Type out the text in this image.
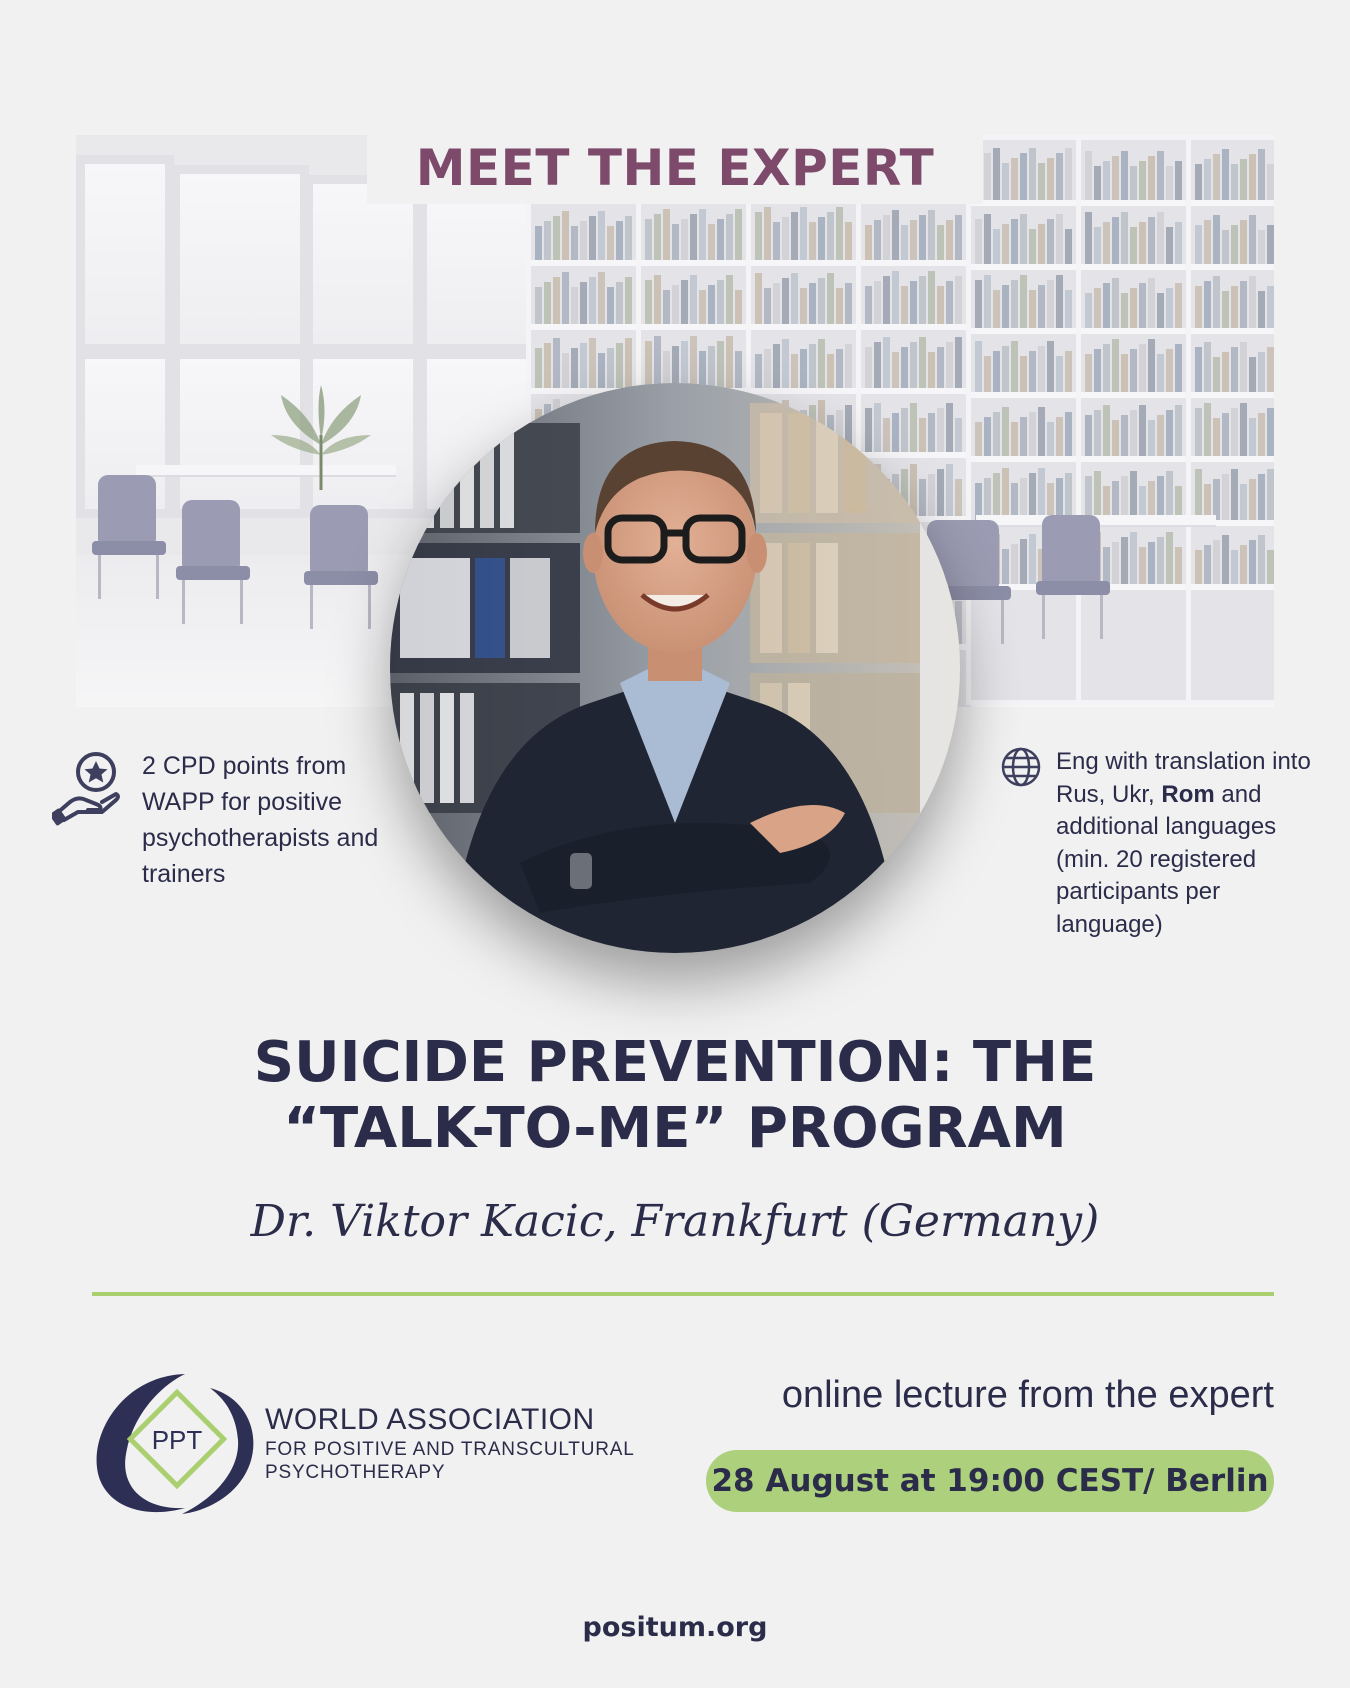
MEET THE EXPERT
2 CPD points from WAPP for positive psychotherapists and trainers
Eng with translation into Rus, Ukr, Rom and additional languages (min. 20 registered participants per language)
SUICIDE PREVENTION: THE
“TALK-TO-ME” PROGRAM
Dr. Viktor Kacic, Frankfurt (Germany)
PPT
WORLD ASSOCIATION
FOR POSITIVE AND TRANSCULTURAL
PSYCHOTHERAPY
online lecture from the expert
28 August at 19:00 CEST/ Berlin
positum.org
